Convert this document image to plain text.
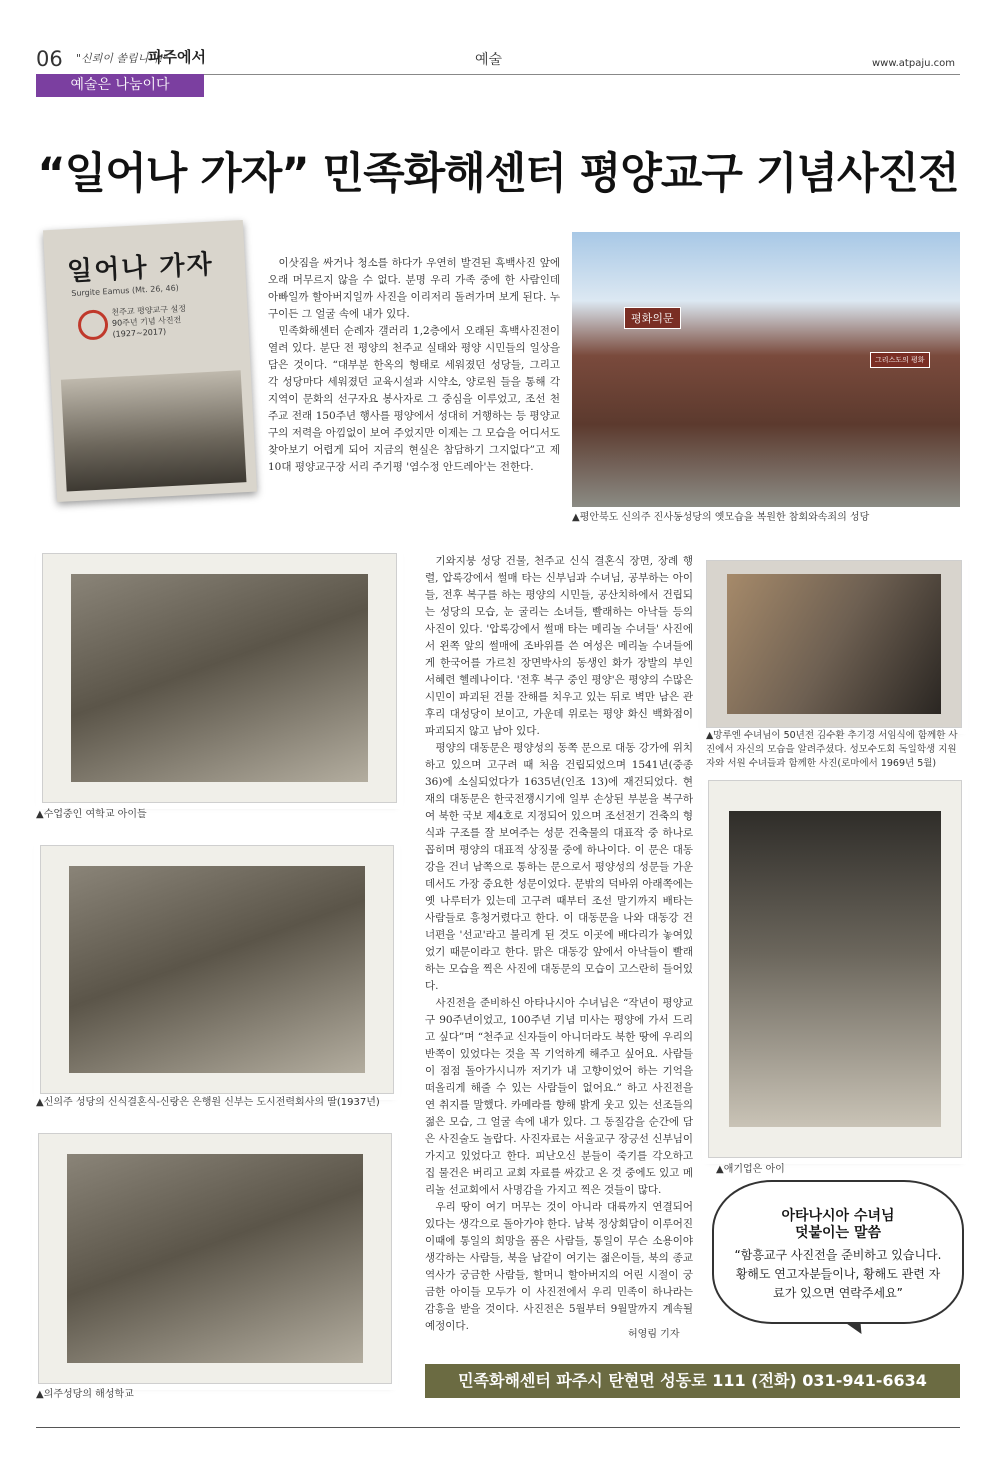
06 "신뢰이 쏠립니다!"
파주에서	예술	www.atpaju.com
예술은 나눔이다
“일어나 가자” 민족화해센터 평양교구 기념사진전
일어나 가자
Surgite Eamus (Mt. 26, 46)
천주교 평양교구 설정
90주년 기념 사진전
(1927~2017)

이삿짐을 싸거나 청소를 하다가 우연히 발견된 흑백사진 앞에 오래 머무르지 않을 수 없다. 분명 우리 가족 중에 한 사람인데 아빠일까 할아버지일까 사진을 이리저리 돌려가며 보게 된다. 누구이든 그 얼굴 속에 내가 있다.

민족화해센터 순례자 갤러리 1,2층에서 오래된 흑백사진전이 열려 있다. 분단 전 평양의 천주교 실태와 평양 시민들의 일상을 담은 것이다. “대부분 한옥의 형태로 세워졌던 성당들, 그리고 각 성당마다 세워졌던 교육시설과 시약소, 양로원 들을 통해 각 지역이 문화의 선구자요 봉사자로 그 중심을 이루었고, 조선 천주교 전래 150주년 행사를 평양에서 성대히 거행하는 등 평양교구의 저력을 아낌없이 보여 주었지만 이제는 그 모습을 어디서도 찾아보기 어렵게 되어 지금의 현실은 참담하기 그지없다”고 제 10대 평양교구장 서리 주기평 '염수정 안드레아'는 전한다.

평화의문
그리스도의 평화
▲평안북도 신의주 진사동성당의 옛모습을 복원한 참회와속죄의 성당
▲수업중인 여학교 아이들
▲신의주 성당의 신식결혼식-신랑은 은행원 신부는 도시전력회사의 딸(1937년)
▲의주성당의 해성학교

기와지붕 성당 건물, 천주교 신식 결혼식 장면, 장례 행렬, 압록강에서 썰매 타는 신부님과 수녀님, 공부하는 아이들, 전후 복구를 하는 평양의 시민들, 공산치하에서 건립되는 성당의 모습, 눈 굴리는 소녀들, 빨래하는 아낙들 등의 사진이 있다. '압록강에서 썰매 타는 메리놀 수녀들' 사진에서 왼쪽 앞의 썰매에 조바위를 쓴 여성은 메리놀 수녀들에게 한국어를 가르친 장면박사의 동생인 화가 장발의 부인 서혜련 헬레나이다. '전후 복구 중인 평양'은 평양의 수많은 시민이 파괴된 건물 잔해를 치우고 있는 뒤로 벽만 남은 관후리 대성당이 보이고, 가운데 위로는 평양 화신 백화점이 파괴되지 않고 남아 있다.

평양의 대동문은 평양성의 동쪽 문으로 대동 강가에 위치하고 있으며 고구려 때 처음 건립되었으며 1541년(중종 36)에 소실되었다가 1635년(인조 13)에 재건되었다. 현재의 대동문은 한국전쟁시기에 일부 손상된 부분을 복구하여 북한 국보 제4호로 지정되어 있으며 조선전기 건축의 형식과 구조를 잘 보여주는 성문 건축물의 대표작 중 하나로 꼽히며 평양의 대표적 상징물 중에 하나이다. 이 문은 대동강을 건너 남쪽으로 통하는 문으로서 평양성의 성문들 가운데서도 가장 중요한 성문이었다. 문밖의 덕바위 아래쪽에는 옛 나루터가 있는데 고구려 때부터 조선 말기까지 배타는 사람들로 흥청거렸다고 한다. 이 대동문을 나와 대동강 건너편을 '선교'라고 불리게 된 것도 이곳에 배다리가 놓여있었기 때문이라고 한다. 맑은 대동강 앞에서 아낙들이 빨래하는 모습을 찍은 사진에 대동문의 모습이 고스란히 들어있다.

사진전을 준비하신 아타나시아 수녀님은 “작년이 평양교구 90주년이었고, 100주년 기념 미사는 평양에 가서 드리고 싶다”며 “천주교 신자들이 아니더라도 북한 땅에 우리의 반쪽이 있었다는 것을 꼭 기억하게 해주고 싶어요. 사람들이 점점 돌아가시니까 저기가 내 고향이었어 하는 기억을 떠올리게 해줄 수 있는 사람들이 없어요.” 하고 사진전을 연 취지를 말했다. 카메라를 향해 밝게 웃고 있는 선조들의 젊은 모습, 그 얼굴 속에 내가 있다. 그 동질감을 순간에 담은 사진술도 놀랍다. 사진자료는 서울교구 장긍선 신부님이 가지고 있었다고 한다. 피난오신 분들이 죽기를 각오하고 집 물건은 버리고 교회 자료를 싸갔고 온 것 중에도 있고 메리놀 선교회에서 사명감을 가지고 찍은 것들이 많다.

우리 땅이 여기 머무는 것이 아니라 대륙까지 연결되어 있다는 생각으로 돌아가야 한다. 남북 정상회담이 이루어진 이때에 통일의 희망을 품은 사람들, 통일이 무슨 소용이야 생각하는 사람들, 북을 남같이 여기는 젊은이들, 북의 종교 역사가 궁금한 사람들, 할머니 할아버지의 어린 시절이 궁금한 아이들 모두가 이 사진전에서 우리 민족이 하나라는 감흥을 받을 것이다. 사진전은 5월부터 9월말까지 계속될 예정이다.

허영림 기자
▲망루엔 수녀님이 50년전 김수환 추기경 서임식에 함께한 사진에서 자신의 모습을 알려주셨다. 성모수도회 독일학생 지원자와 서원 수녀들과 함께한 사진(로마에서 1969년 5월)
▲애기업은 아이
아타나시아 수녀님
덧붙이는 말씀
“함흥교구 사진전을 준비하고 있습니다. 황해도 연고자분들이나, 황해도 관련 자료가 있으면 연락주세요”
민족화해센터 파주시 탄현면 성동로 111 (전화) 031-941-6634
